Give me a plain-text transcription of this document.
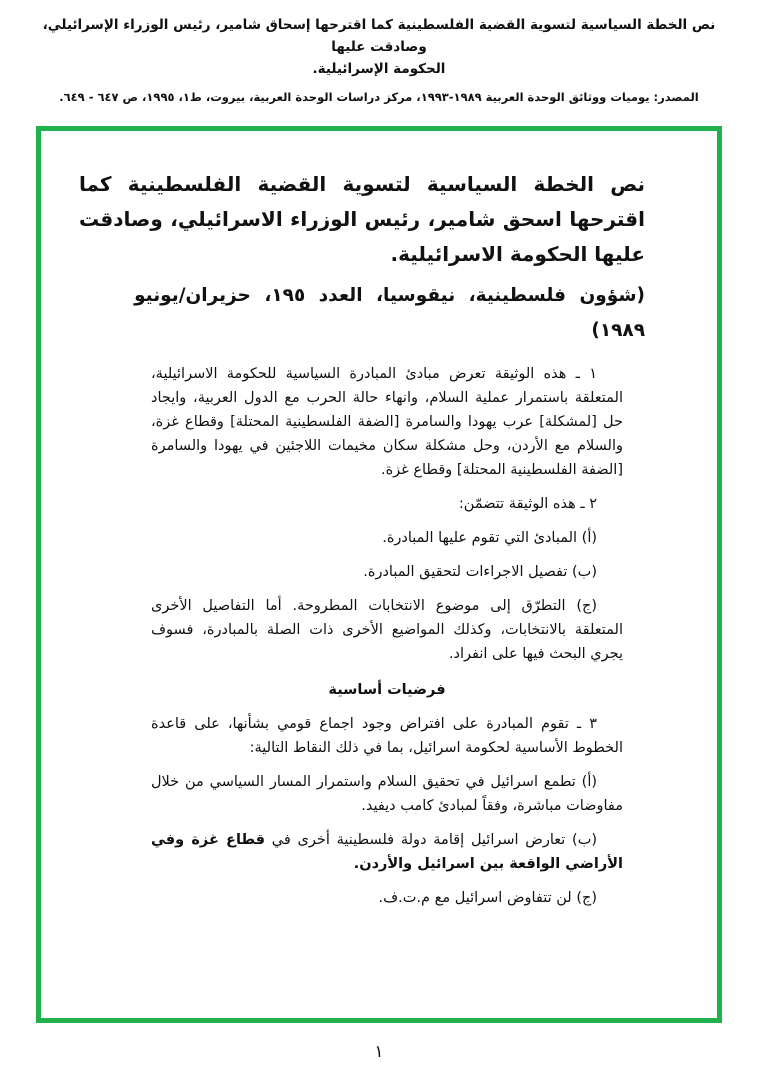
نص الخطة السياسية لتسوية القضية الفلسطينية كما اقترحها إسحاق شامير، رئيس الوزراء الإسرائيلي، وصادقت عليها
الحكومة الإسرائيلية.
المصدر: يوميات ووثائق الوحدة العربية ١٩٨٩-١٩٩٣، مركز دراسات الوحدة العربية، بيروت، ط١، ١٩٩٥، ص ٦٤٧ - ٦٤٩.
نص الخطة السياسية لتسوية القضية الفلسطينية كما اقترحها اسحق شامير، رئيس الوزراء الاسرائيلي، وصادقت عليها الحكومة الاسرائيلية.
(شؤون فلسطينية، نيقوسيا، العدد ١٩٥، حزيران/يونيو ١٩٨٩)

١ ـ هذه الوثيقة تعرض مبادئ المبادرة السياسية للحكومة الاسرائيلية، المتعلقة باستمرار عملية السلام، وانهاء حالة الحرب مع الدول العربية، وايجاد حل [لمشكلة] عرب يهودا والسامرة [الضفة الفلسطينية المحتلة] وقطاع غزة، والسلام مع الأردن، وحل مشكلة سكان مخيمات اللاجئين في يهودا والسامرة [الضفة الفلسطينية المحتلة] وقطاع غزة.

٢ ـ هذه الوثيقة تتضمّن:

(أ) المبادئ التي تقوم عليها المبادرة.

(ب) تفصيل الاجراءات لتحقيق المبادرة.

(ج) التطرّق إلى موضوع الانتخابات المطروحة. أما التفاصيل الأخرى المتعلقة بالانتخابات، وكذلك المواضيع الأخرى ذات الصلة بالمبادرة، فسوف يجري البحث فيها على انفراد.

فرضيات أساسية

٣ ـ تقوم المبادرة على افتراض وجود اجماع قومي بشأنها، على قاعدة الخطوط الأساسية لحكومة اسرائيل، بما في ذلك النقاط التالية:

(أ) تطمع اسرائيل في تحقيق السلام واستمرار المسار السياسي من خلال مفاوضات مباشرة، وفقاً لمبادئ كامب ديفيد.

(ب) تعارض اسرائيل إقامة دولة فلسطينية أخرى في قطاع غزة وفي الأراضي الواقعة بين اسرائيل والأردن.

(ج) لن تتفاوض اسرائيل مع م.ت.ف.

١
